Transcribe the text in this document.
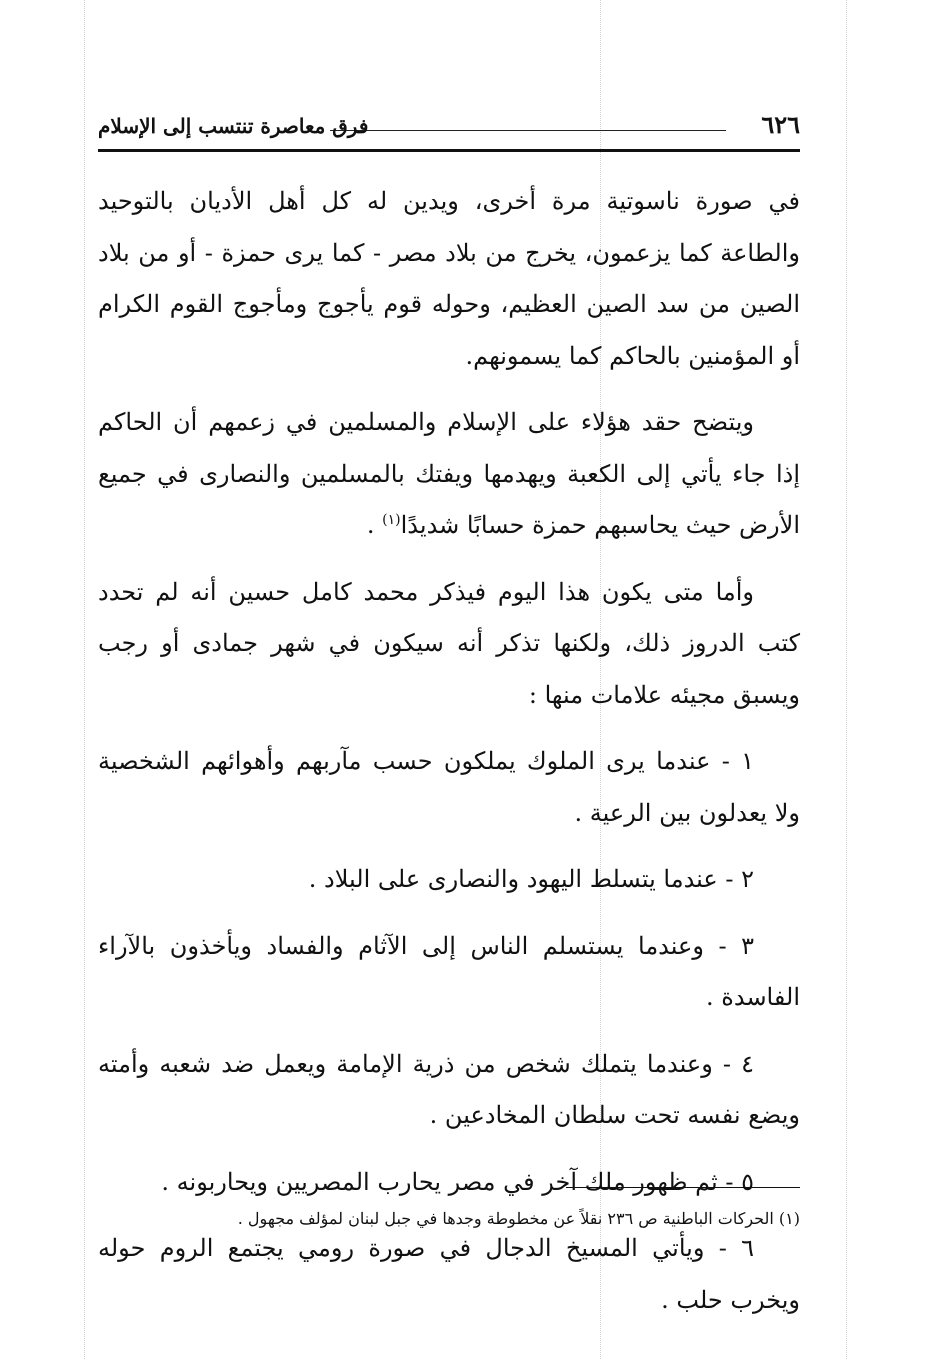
٦٢٦
فرق معاصرة تنتسب إلى الإسلام

في صورة ناسوتية مرة أخرى، ويدين له كل أهل الأديان بالتوحيد والطاعة كما يزعمون، يخرج من بلاد مصر - كما يرى حمزة - أو من بلاد الصين من سد الصين العظيم، وحوله قوم يأجوج ومأجوج القوم الكرام أو المؤمنين بالحاكم كما يسمونهم.

ويتضح حقد هؤلاء على الإسلام والمسلمين في زعمهم أن الحاكم إذا جاء يأتي إلى الكعبة ويهدمها ويفتك بالمسلمين والنصارى في جميع الأرض حيث يحاسبهم حمزة حسابًا شديدًا$^{(١)}$ .

وأما متى يكون هذا اليوم فيذكر محمد كامل حسين أنه لم تحدد كتب الدروز ذلك، ولكنها تذكر أنه سيكون في شهر جمادى أو رجب ويسبق مجيئه علامات منها :

١ - عندما يرى الملوك يملكون حسب مآربهم وأهوائهم الشخصية ولا يعدلون بين الرعية .

٢ - عندما يتسلط اليهود والنصارى على البلاد .

٣ - وعندما يستسلم الناس إلى الآثام والفساد ويأخذون بالآراء الفاسدة .

٤ - وعندما يتملك شخص من ذرية الإمامة ويعمل ضد شعبه وأمته ويضع نفسه تحت سلطان المخادعين .

٥ - ثم ظهور ملك آخر في مصر يحارب المصريين ويحاربونه .

٦ - ويأتي المسيخ الدجال في صورة رومي يجتمع الروم حوله ويخرب حلب .

(١) الحركات الباطنية ص ٢٣٦ نقلاً عن مخطوطة وجدها في جبل لبنان لمؤلف مجهول .
